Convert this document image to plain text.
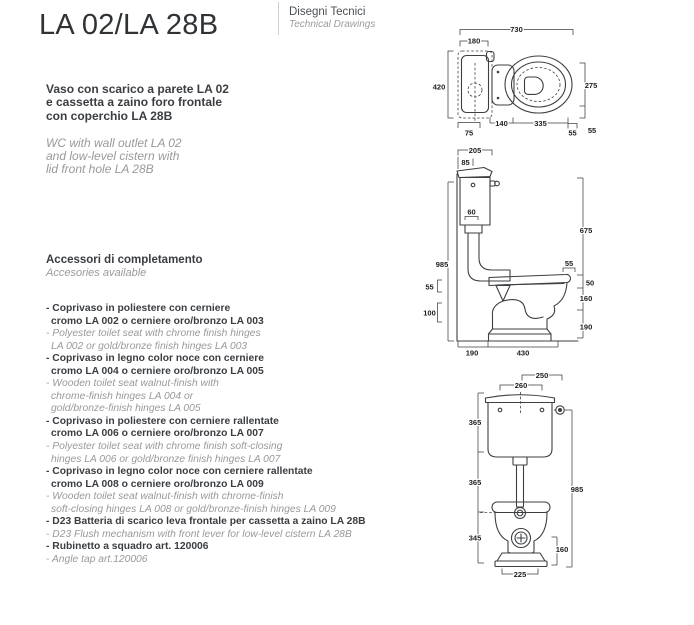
LA 02/LA 28B	Disegni Tecnici
Technical Drawings
Vaso con scarico a parete LA 02
e cassetta a zaino foro frontale
con coperchio LA 28B
WC with wall outlet LA 02
and low-level cistern with
lid front hole LA 28B
Accessori di completamento
Accesories available
- Coprivaso in poliestere con cerniere
cromo LA 002 o cerniere oro/bronzo LA 003
- Polyester toilet seat with chrome finish hinges
LA 002 or gold/bronze finish hinges LA 003
- Coprivaso in legno color noce con cerniere
cromo LA 004 o cerniere oro/bronzo LA 005
- Wooden toilet seat walnut-finish with
chrome-finish hinges LA 004 or
gold/bronze-finish hinges LA 005
- Coprivaso in poliestere con cerniere rallentate
cromo LA 006 o cerniere oro/bronzo LA 007
- Polyester toilet seat with chrome finish soft-closing
hinges LA 006 or gold/bronze finish hinges LA 007
- Coprivaso in legno color noce con cerniere rallentate
cromo LA 008 o cerniere oro/bronzo LA 009
- Wooden toilet seat walnut-finish with chrome-finish
soft-closing hinges LA 008 or gold/bronze-finish hinges LA 009
- D23 Batteria di scarico leva frontale per cassetta a zaino LA 28B
- D23 Flush mechanism with front lever for low-level cistern LA 28B
- Rubinetto a squadro art. 120006
- Angle tap art.120006
730
180
420	275
55
75
140	335
55
205
85
60
985
55
100
675
55
50
160
190
190	430
250
260
365
365
345
985
160
225
